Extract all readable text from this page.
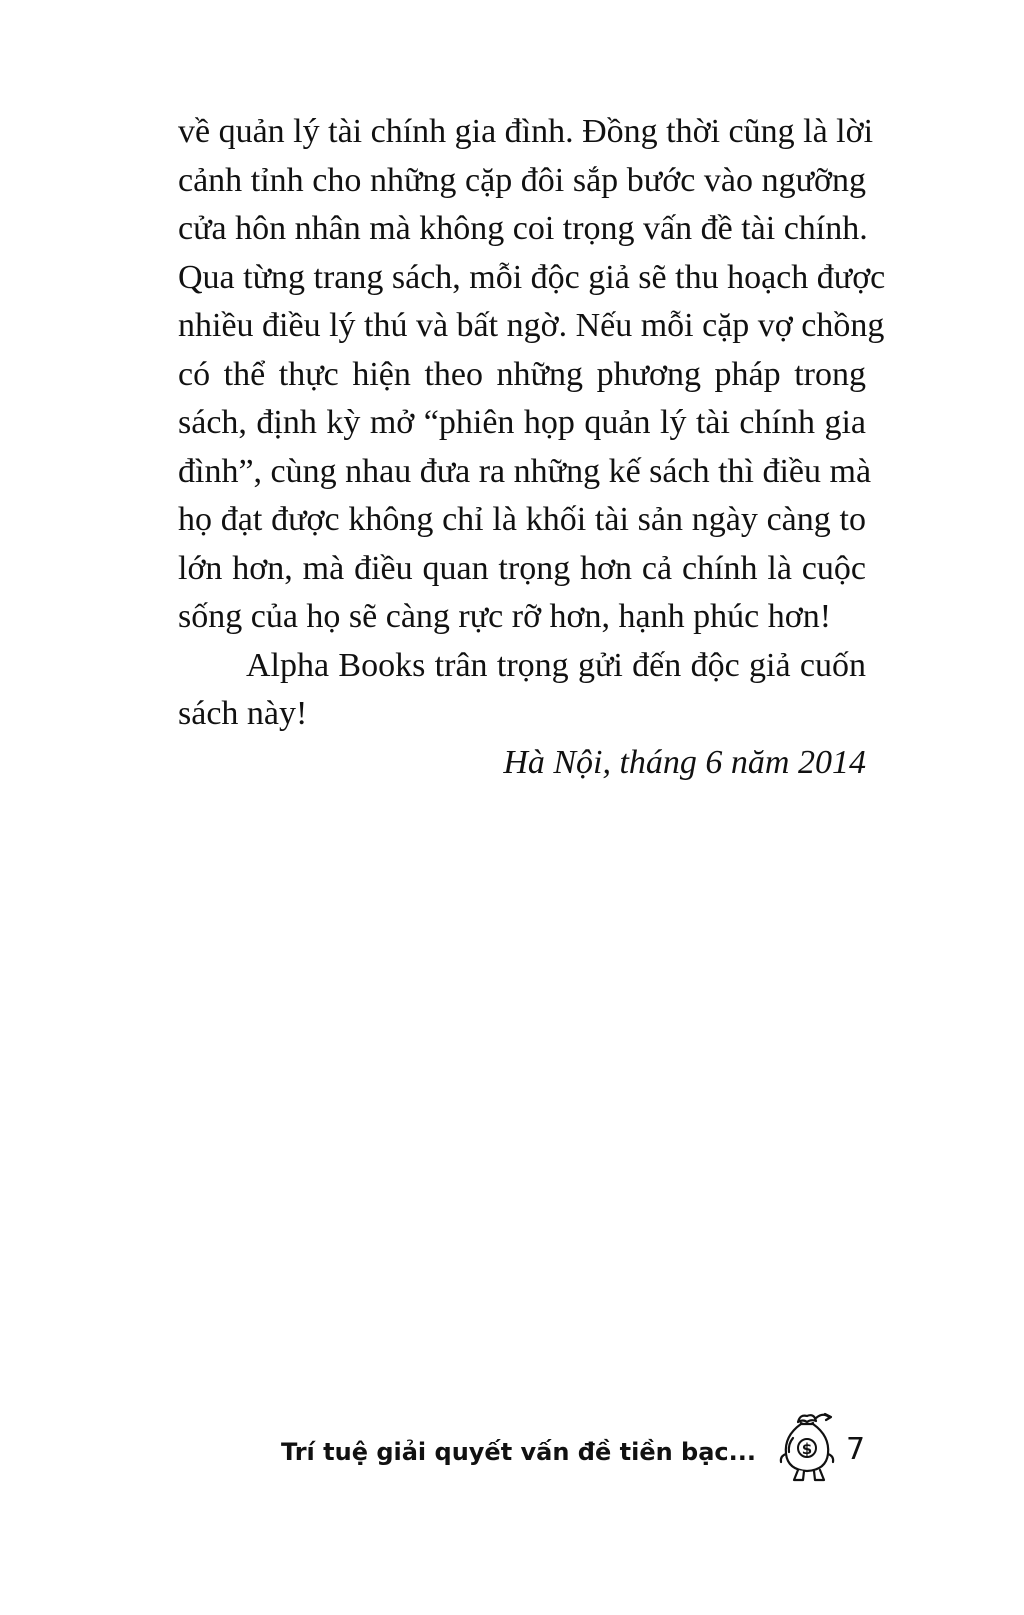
về quản lý tài chính gia đình. Đồng thời cũng là lời
cảnh tỉnh cho những cặp đôi sắp bước vào ngưỡng
cửa hôn nhân mà không coi trọng vấn đề tài chính.
Qua từng trang sách, mỗi độc giả sẽ thu hoạch được
nhiều điều lý thú và bất ngờ. Nếu mỗi cặp vợ chồng
có thể thực hiện theo những phương pháp trong
sách, định kỳ mở “phiên họp quản lý tài chính gia
đình”, cùng nhau đưa ra những kế sách thì điều mà
họ đạt được không chỉ là khối tài sản ngày càng to
lớn hơn, mà điều quan trọng hơn cả chính là cuộc
sống của họ sẽ càng rực rỡ hơn, hạnh phúc hơn!
Alpha Books trân trọng gửi đến độc giả cuốn
sách này!
Hà Nội, tháng 6 năm 2014
Trí tuệ giải quyết vấn đề tiền bạc...	$ 7
